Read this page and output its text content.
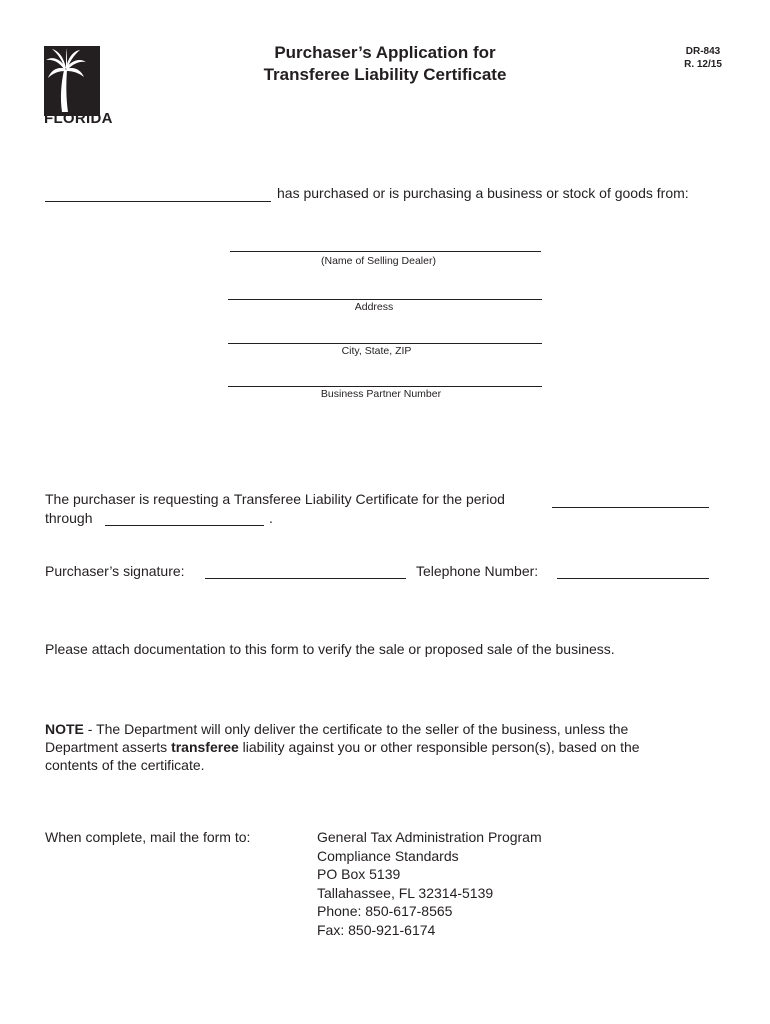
Department of Revenue
FLORIDA
Purchaser’s Application for
Transferee Liability Certificate
DR-843
R. 12/15
has purchased or is purchasing a business or stock of goods from:
(Name of Selling Dealer)
Address
City, State, ZIP
Business Partner Number
The purchaser is requesting a Transferee Liability Certificate for the period
through	.
Purchaser’s signature:	Telephone Number:
Please attach documentation to this form to verify the sale or proposed sale of the business.
NOTE - The Department will only deliver the certificate to the seller of the business, unless the Department asserts transferee liability against you or other responsible person(s), based on the contents of the certificate.
When complete, mail the form to:	General Tax Administration Program
Compliance Standards
PO Box 5139
Tallahassee, FL 32314-5139
Phone: 850-617-8565
Fax: 850-921-6174
